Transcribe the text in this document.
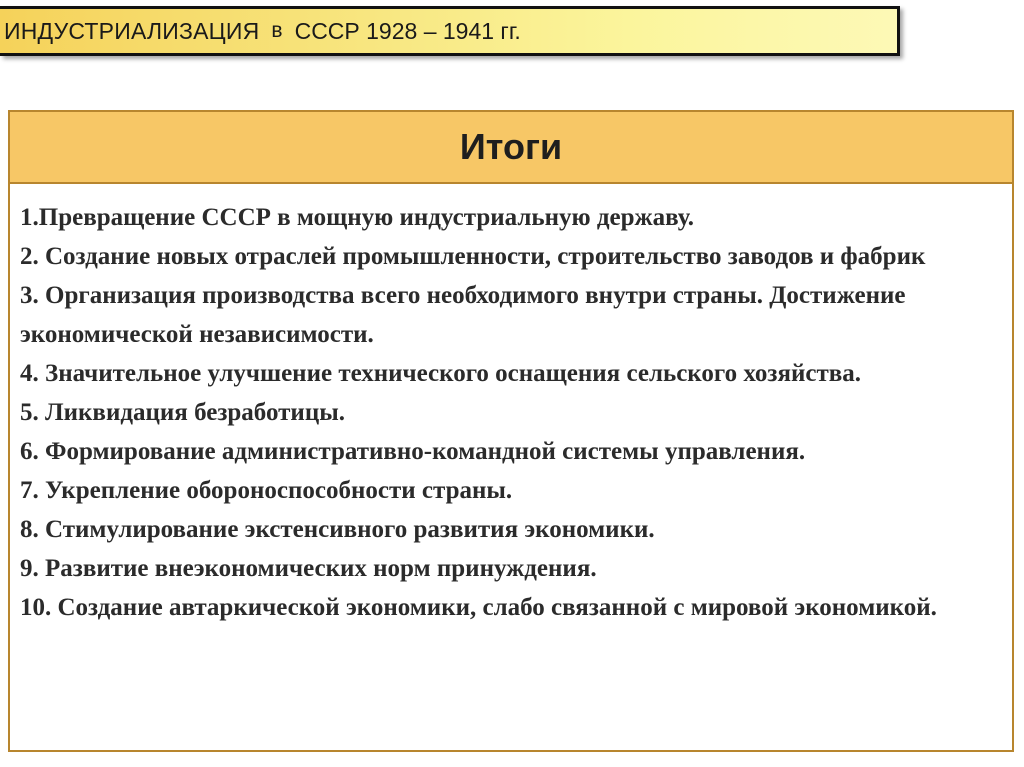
ИНДУСТРИАЛИЗАЦИЯ в СССР 1928 – 1941 гг.
Итоги
1.Превращение СССР в мощную индустриальную державу.
2. Создание новых отраслей промышленности, строительство заводов и фабрик
3. Организация производства всего необходимого внутри страны. Достижение экономической независимости.
4. Значительное улучшение технического оснащения сельского хозяйства.
5. Ликвидация безработицы.
6. Формирование административно-командной системы управления.
7. Укрепление обороноспособности страны.
8. Стимулирование экстенсивного развития экономики.
9. Развитие внеэкономических норм принуждения.
10. Создание автаркической экономики, слабо связанной с мировой экономикой.
